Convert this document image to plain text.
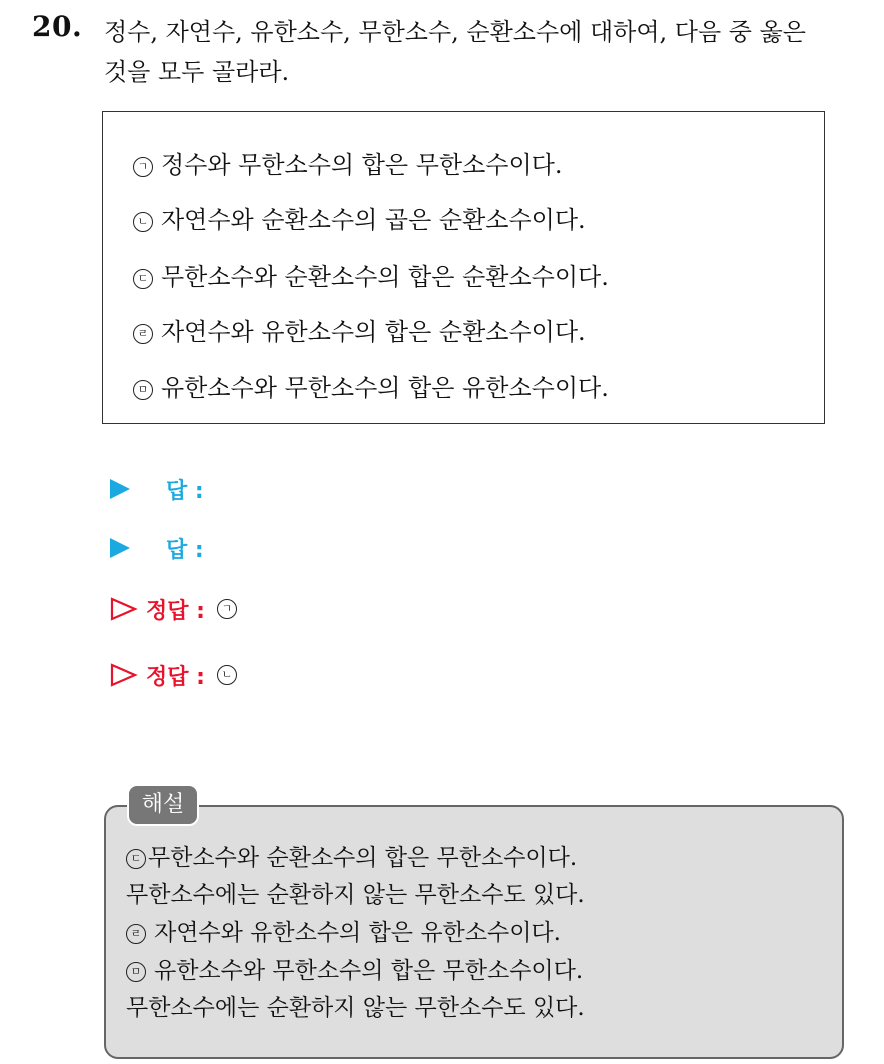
20. 정수, 자연수, 유한소수, 무한소수, 순환소수에 대하여, 다음 중 옳은
것을 모두 골라라.
ㄱ 정수와 무한소수의 합은 무한소수이다.
ㄴ 자연수와 순환소수의 곱은 순환소수이다.
ㄷ 무한소수와 순환소수의 합은 순환소수이다.
ㄹ 자연수와 유한소수의 합은 순환소수이다.
ㅁ 유한소수와 무한소수의 합은 유한소수이다.
답 :
답 :
정답 :	ㄱ
정답 :	ㄴ
ㄷ 무한소수와 순환소수의 합은 무한소수이다.
무한소수에는 순환하지 않는 무한소수도 있다.
ㄹ 자연수와 유한소수의 합은 유한소수이다.
ㅁ 유한소수와 무한소수의 합은 무한소수이다.
무한소수에는 순환하지 않는 무한소수도 있다.
해설
